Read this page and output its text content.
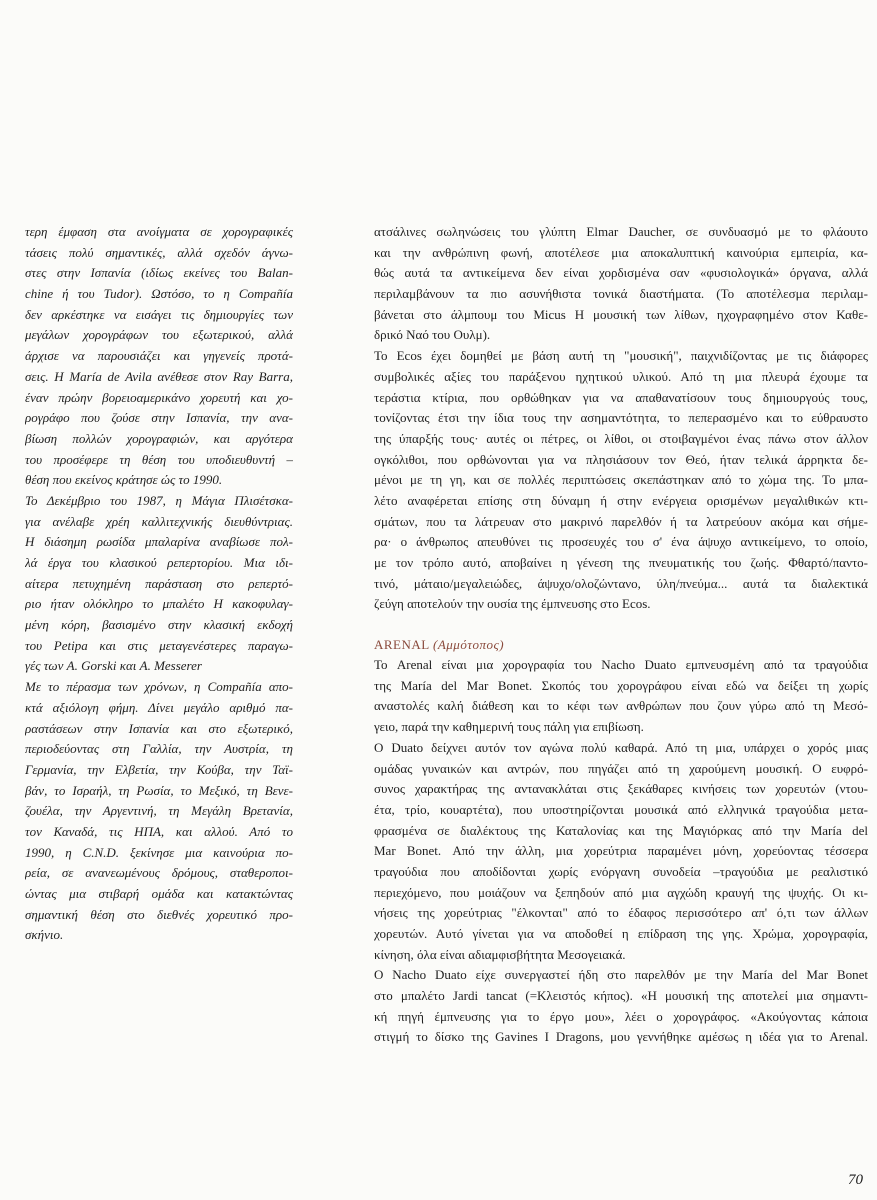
τερη έμφαση στα ανοίγματα σε χορογραφικές
τάσεις πολύ σημαντικές, αλλά σχεδόν άγνω-
στες στην Ισπανία (ιδίως εκείνες του Balan-
chine ή του Tudor). Ωστόσο, το η Compañía
δεν αρκέστηκε να εισάγει τις δημιουργίες των
μεγάλων χορογράφων του εξωτερικού, αλλά
άρχισε να παρουσιάζει και γηγενείς προτά-
σεις. Η María de Avila ανέθεσε στον Ray Barra,
έναν πρώην βορειοαμερικάνο χορευτή και χο-
ρογράφο που ζούσε στην Ισπανία, την ανα-
βίωση πολλών χορογραφιών, και αργότερα
του προσέφερε τη θέση του υποδιευθυντή –
θέση που εκείνος κράτησε ώς το 1990.
Το Δεκέμβριο του 1987, η Μάγια Πλισέτσκα-
για ανέλαβε χρέη καλλιτεχνικής διευθύντριας.
Η διάσημη ρωσίδα μπαλαρίνα αναβίωσε πολ-
λά έργα του κλασικού ρεπερτορίου. Μια ιδι-
αίτερα πετυχημένη παράσταση στο ρεπερτό-
ριο ήταν ολόκληρο το μπαλέτο Η κακοφυλαγ-
μένη κόρη, βασισμένο στην κλασική εκδοχή
του Petipa και στις μεταγενέστερες παραγω-
γές των A. Gorski και A. Messerer
Με το πέρασμα των χρόνων, η Compañía απο-
κτά αξιόλογη φήμη. Δίνει μεγάλο αριθμό πα-
ραστάσεων στην Ισπανία και στο εξωτερικό,
περιοδεύοντας στη Γαλλία, την Αυστρία, τη
Γερμανία, την Ελβετία, την Κούβα, την Ταϊ-
βάν, το Ισραήλ, τη Ρωσία, το Μεξικό, τη Βενε-
ζουέλα, την Αργεντινή, τη Μεγάλη Βρετανία,
τον Καναδά, τις ΗΠΑ, και αλλού. Από το
1990, η C.N.D. ξεκίνησε μια καινούρια πο-
ρεία, σε ανανεωμένους δρόμους, σταθεροποι-
ώντας μια στιβαρή ομάδα και κατακτώντας
σημαντική θέση στο διεθνές χορευτικό προ-
σκήνιο.
ατσάλινες σωληνώσεις του γλύπτη Elmar Daucher, σε συνδυασμό με το φλάουτο
και την ανθρώπινη φωνή, αποτέλεσε μια αποκαλυπτική καινούρια εμπειρία, κα-
θώς αυτά τα αντικείμενα δεν είναι χορδισμένα σαν «φυσιολογικά» όργανα, αλλά
περιλαμβάνουν τα πιο ασυνήθιστα τονικά διαστήματα. (Το αποτέλεσμα περιλαμ-
βάνεται στο άλμπουμ του Micus Η μουσική των λίθων, ηχογραφημένο στον Καθε-
δρικό Ναό του Ουλμ).
Το Ecos έχει δομηθεί με βάση αυτή τη "μουσική", παιχνιδίζοντας με τις διάφορες
συμβολικές αξίες του παράξενου ηχητικού υλικού. Από τη μια πλευρά έχουμε τα
τεράστια κτίρια, που ορθώθηκαν για να απαθανατίσουν τους δημιουργούς τους,
τονίζοντας έτσι την ίδια τους την ασημαντότητα, το πεπερασμένο και το εύθραυστο
της ύπαρξής τους· αυτές οι πέτρες, οι λίθοι, οι στοιβαγμένοι ένας πάνω στον άλλον
ογκόλιθοι, που ορθώνονται για να πλησιάσουν τον Θεό, ήταν τελικά άρρηκτα δε-
μένοι με τη γη, και σε πολλές περιπτώσεις σκεπάστηκαν από το χώμα της. Το μπα-
λέτο αναφέρεται επίσης στη δύναμη ή στην ενέργεια ορισμένων μεγαλιθικών κτι-
σμάτων, που τα λάτρευαν στο μακρινό παρελθόν ή τα λατρεύουν ακόμα και σήμε-
ρα· ο άνθρωπος απευθύνει τις προσευχές του σ' ένα άψυχο αντικείμενο, το οποίο,
με τον τρόπο αυτό, αποβαίνει η γένεση της πνευματικής του ζωής. Φθαρτό/παντο-
τινό, μάταιο/μεγαλειώδες, άψυχο/ολοζώντανο, ύλη/πνεύμα... αυτά τα διαλεκτικά
ζεύγη αποτελούν την ουσία της έμπνευσης στο Ecos.
ARENAL (Αμμότοπος)
Το Arenal είναι μια χορογραφία του Nacho Duato εμπνευσμένη από τα τραγούδια
της María del Mar Bonet. Σκοπός του χορογράφου είναι εδώ να δείξει τη χωρίς
αναστολές καλή διάθεση και το κέφι των ανθρώπων που ζουν γύρω από τη Μεσό-
γειο, παρά την καθημερινή τους πάλη για επιβίωση.
Ο Duato δείχνει αυτόν τον αγώνα πολύ καθαρά. Από τη μια, υπάρχει ο χορός μιας
ομάδας γυναικών και αντρών, που πηγάζει από τη χαρούμενη μουσική. Ο ευφρό-
συνος χαρακτήρας της αντανακλάται στις ξεκάθαρες κινήσεις των χορευτών (ντου-
έτα, τρίο, κουαρτέτα), που υποστηρίζονται μουσικά από ελληνικά τραγούδια μετα-
φρασμένα σε διαλέκτους της Καταλονίας και της Μαγιόρκας από την María del
Mar Bonet. Από την άλλη, μια χορεύτρια παραμένει μόνη, χορεύοντας τέσσερα
τραγούδια που αποδίδονται χωρίς ενόργανη συνοδεία –τραγούδια με ρεαλιστικό
περιεχόμενο, που μοιάζουν να ξεπηδούν από μια αγχώδη κραυγή της ψυχής. Οι κι-
νήσεις της χορεύτριας "έλκονται" από το έδαφος περισσότερο απ' ό,τι των άλλων
χορευτών. Αυτό γίνεται για να αποδοθεί η επίδραση της γης. Χρώμα, χορογραφία,
κίνηση, όλα είναι αδιαμφισβήτητα Μεσογειακά.
Ο Nacho Duato είχε συνεργαστεί ήδη στο παρελθόν με την María del Mar Bonet
στο μπαλέτο Jardi tancat (=Κλειστός κήπος). «Η μουσική της αποτελεί μια σημαντι-
κή πηγή έμπνευσης για το έργο μου», λέει ο χορογράφος. «Ακούγοντας κάποια
στιγμή το δίσκο της Gavines I Dragons, μου γεννήθηκε αμέσως η ιδέα για το Arenal.
70
